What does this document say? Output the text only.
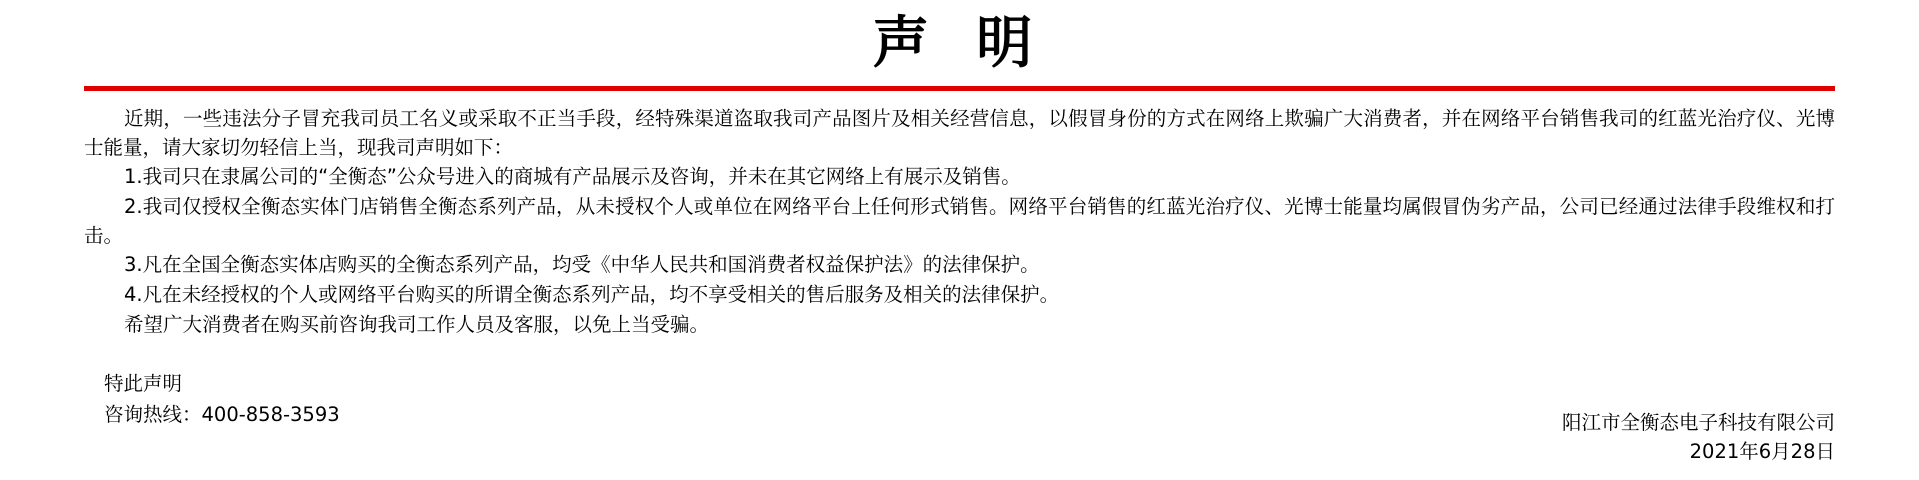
声 明

近期，一些违法分子冒充我司员工名义或采取不正当手段，经特殊渠道盗取我司产品图片及相关经营信息，以假冒身份的方式在网络上欺骗广大消费者，并在网络平台销售我司的红蓝光治疗仪、光博士能量，请大家切勿轻信上当，现我司声明如下：

1.我司只在隶属公司的“全衡态”公众号进入的商城有产品展示及咨询，并未在其它网络上有展示及销售。

2.我司仅授权全衡态实体门店销售全衡态系列产品，从未授权个人或单位在网络平台上任何形式销售。网络平台销售的红蓝光治疗仪、光博士能量均属假冒伪劣产品，公司已经通过法律手段维权和打击。

3.凡在全国全衡态实体店购买的全衡态系列产品，均受《中华人民共和国消费者权益保护法》的法律保护。

4.凡在未经授权的个人或网络平台购买的所谓全衡态系列产品，均不享受相关的售后服务及相关的法律保护。

希望广大消费者在购买前咨询我司工作人员及客服，以免上当受骗。

特此声明
咨询热线：400-858-3593	阳江市全衡态电子科技有限公司
2021年6月28日
